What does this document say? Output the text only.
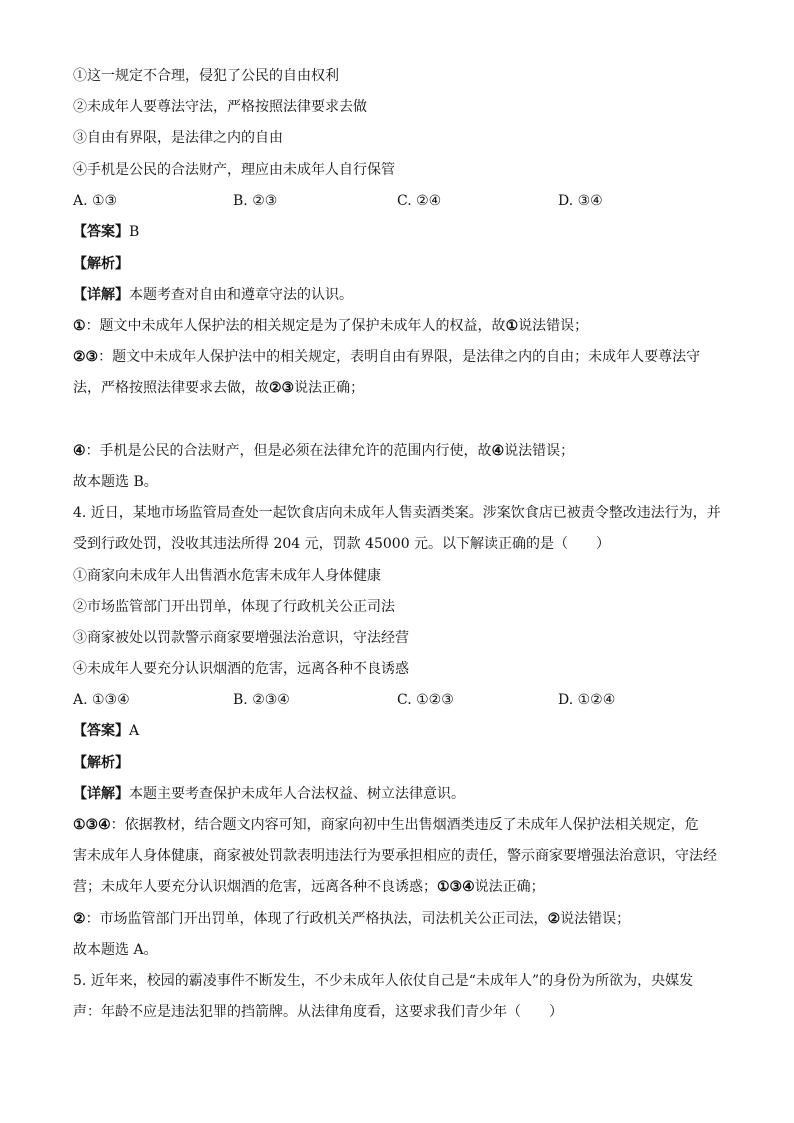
①这一规定不合理，侵犯了公民的自由权利
②未成年人要尊法守法，严格按照法律要求去做
③自由有界限，是法律之内的自由
④手机是公民的合法财产，理应由未成年人自行保管
A. ①③	B. ②③	C. ②④	D. ③④
【答案】B
【解析】
【详解】本题考查对自由和遵章守法的认识。
①：题文中未成年人保护法的相关规定是为了保护未成年人的权益，故①说法错误；
②③：题文中未成年人保护法中的相关规定，表明自由有界限，是法律之内的自由；未成年人要尊法守
法，严格按照法律要求去做，故②③说法正确；
④：手机是公民的合法财产，但是必须在法律允许的范围内行使，故④说法错误；
故本题选 B。
4. 近日，某地市场监管局查处一起饮食店向未成年人售卖酒类案。涉案饮食店已被责令整改违法行为，并
受到行政处罚，没收其违法所得 204 元，罚款 45000 元。以下解读正确的是（　　）
①商家向未成年人出售酒水危害未成年人身体健康
②市场监管部门开出罚单，体现了行政机关公正司法
③商家被处以罚款警示商家要增强法治意识，守法经营
④未成年人要充分认识烟酒的危害，远离各种不良诱惑
A. ①③④	B. ②③④	C. ①②③	D. ①②④
【答案】A
【解析】
【详解】本题主要考查保护未成年人合法权益、树立法律意识。
①③④：依据教材，结合题文内容可知，商家向初中生出售烟酒类违反了未成年人保护法相关规定，危
害未成年人身体健康，商家被处罚款表明违法行为要承担相应的责任，警示商家要增强法治意识，守法经
营；未成年人要充分认识烟酒的危害，远离各种不良诱惑；①③④说法正确；
②：市场监管部门开出罚单，体现了行政机关严格执法，司法机关公正司法，②说法错误；
故本题选 A。
5. 近年来，校园的霸凌事件不断发生，不少未成年人依仗自己是“未成年人”的身份为所欲为，央媒发
声：年龄不应是违法犯罪的挡箭牌。从法律角度看，这要求我们青少年（　　）
